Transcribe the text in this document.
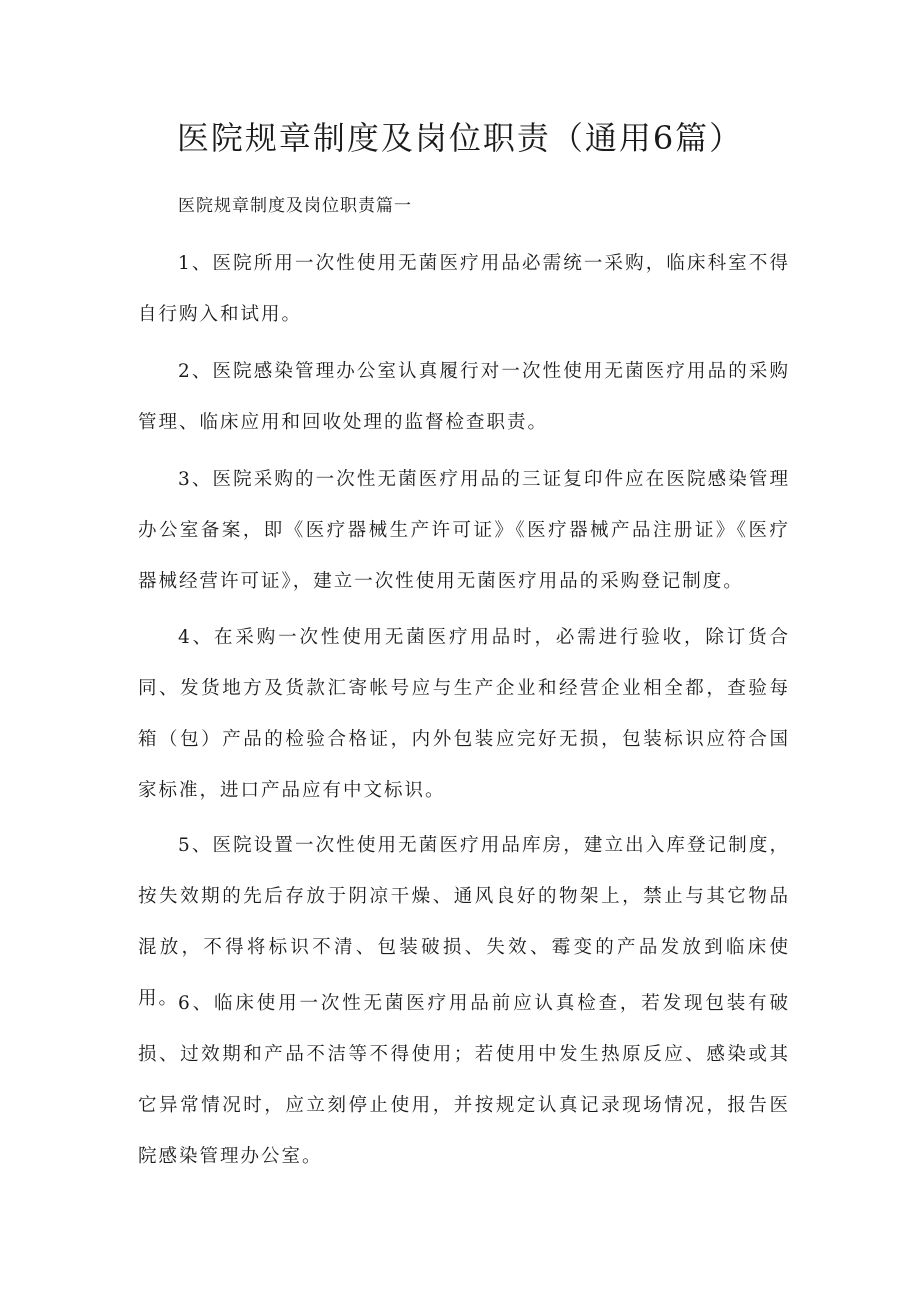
医院规章制度及岗位职责（通用6篇）

医院规章制度及岗位职责篇一

1、医院所用一次性使用无菌医疗用品必需统一采购，临床科室不得自行购入和试用。

2、医院感染管理办公室认真履行对一次性使用无菌医疗用品的采购管理、临床应用和回收处理的监督检查职责。

3、医院采购的一次性无菌医疗用品的三证复印件应在医院感染管理办公室备案，即《医疗器械生产许可证》《医疗器械产品注册证》《医疗器械经营许可证》，建立一次性使用无菌医疗用品的采购登记制度。

4、在采购一次性使用无菌医疗用品时，必需进行验收，除订货合同、发货地方及货款汇寄帐号应与生产企业和经营企业相全都，查验每箱（包）产品的检验合格证，内外包装应完好无损，包装标识应符合国家标准，进口产品应有中文标识。

5、医院设置一次性使用无菌医疗用品库房，建立出入库登记制度，按失效期的先后存放于阴凉干燥、通风良好的物架上，禁止与其它物品混放，不得将标识不清、包装破损、失效、霉变的产品发放到临床使用。

6、临床使用一次性无菌医疗用品前应认真检查，若发现包装有破损、过效期和产品不洁等不得使用；若使用中发生热原反应、感染或其它异常情况时，应立刻停止使用，并按规定认真记录现场情况，报告医院感染管理办公室。
